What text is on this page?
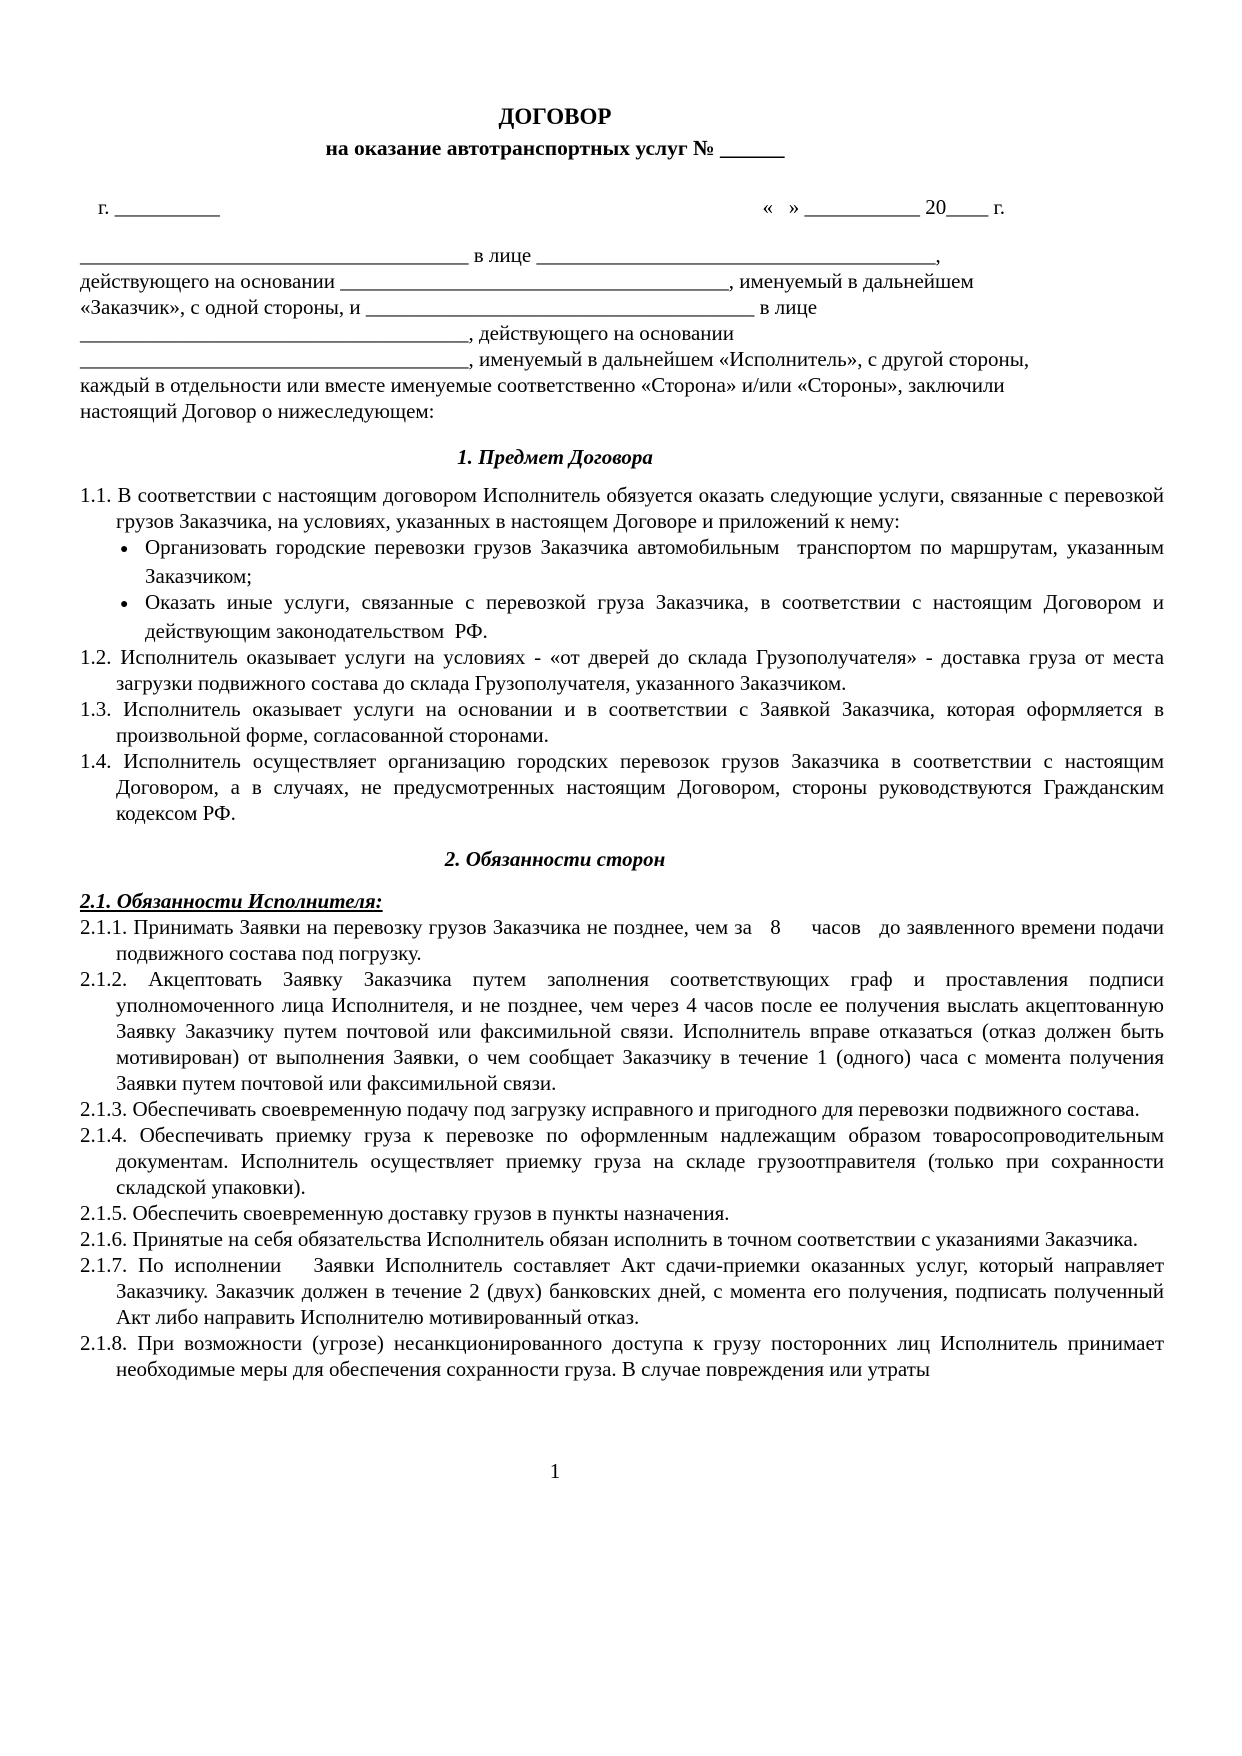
ДОГОВОР
на оказание автотранспортных услуг № ______
г. __________	«   » ___________ 20____ г.
_____________________________________ в лице ______________________________________,
действующего на основании _____________________________________, именуемый в дальнейшем
«Заказчик», с одной стороны, и _____________________________________ в лице
_____________________________________, действующего на основании
_____________________________________, именуемый в дальнейшем «Исполнитель», с другой стороны,
каждый в отдельности или вместе именуемые соответственно «Сторона» и/или «Стороны», заключили
настоящий Договор о нижеследующем:
1. Предмет Договора

1.1. В соответствии с настоящим договором Исполнитель обязуется оказать следующие услуги, связанные с перевозкой грузов Заказчика, на условиях, указанных в настоящем Договоре и приложений к нему:

● Организовать городские перевозки грузов Заказчика автомобильным  транспортом по маршрутам, указанным Заказчиком;

● Оказать иные услуги, связанные с перевозкой груза Заказчика, в соответствии с настоящим Договором и действующим законодательством  РФ.

1.2. Исполнитель оказывает услуги на условиях - «от дверей до склада Грузополучателя» - доставка груза от места загрузки подвижного состава до склада Грузополучателя, указанного Заказчиком.

1.3. Исполнитель оказывает услуги на основании и в соответствии с Заявкой Заказчика, которая оформляется в произвольной форме, согласованной сторонами.

1.4. Исполнитель осуществляет организацию городских перевозок грузов Заказчика в соответствии с настоящим Договором, а в случаях, не предусмотренных настоящим Договором, стороны руководствуются Гражданским кодексом РФ.

2. Обязанности сторон
2.1. Обязанности Исполнителя:

2.1.1. Принимать Заявки на перевозку грузов Заказчика не позднее, чем за   8     часов   до заявленного времени подачи подвижного состава под погрузку.

2.1.2. Акцептовать Заявку Заказчика путем заполнения соответствующих граф и проставления подписи уполномоченного лица Исполнителя, и не позднее, чем через 4 часов после ее получения выслать акцептованную Заявку Заказчику путем почтовой или факсимильной связи. Исполнитель вправе отказаться (отказ должен быть мотивирован) от выполнения Заявки, о чем сообщает Заказчику в течение 1 (одного) часа с момента получения Заявки путем почтовой или факсимильной связи.

2.1.3. Обеспечивать своевременную подачу под загрузку исправного и пригодного для перевозки подвижного состава.

2.1.4. Обеспечивать приемку груза к перевозке по оформленным надлежащим образом товаросопроводительным документам. Исполнитель осуществляет приемку груза на складе грузоотправителя (только при сохранности складской упаковки).

2.1.5. Обеспечить своевременную доставку грузов в пункты назначения.

2.1.6. Принятые на себя обязательства Исполнитель обязан исполнить в точном соответствии с указаниями Заказчика.

2.1.7. По исполнении   Заявки Исполнитель составляет Акт сдачи-приемки оказанных услуг, который направляет Заказчику. Заказчик должен в течение 2 (двух) банковских дней, с момента его получения, подписать полученный Акт либо направить Исполнителю мотивированный отказ.

2.1.8. При возможности (угрозе) несанкционированного доступа к грузу посторонних лиц Исполнитель принимает необходимые меры для обеспечения сохранности груза. В случае повреждения или утраты

1
